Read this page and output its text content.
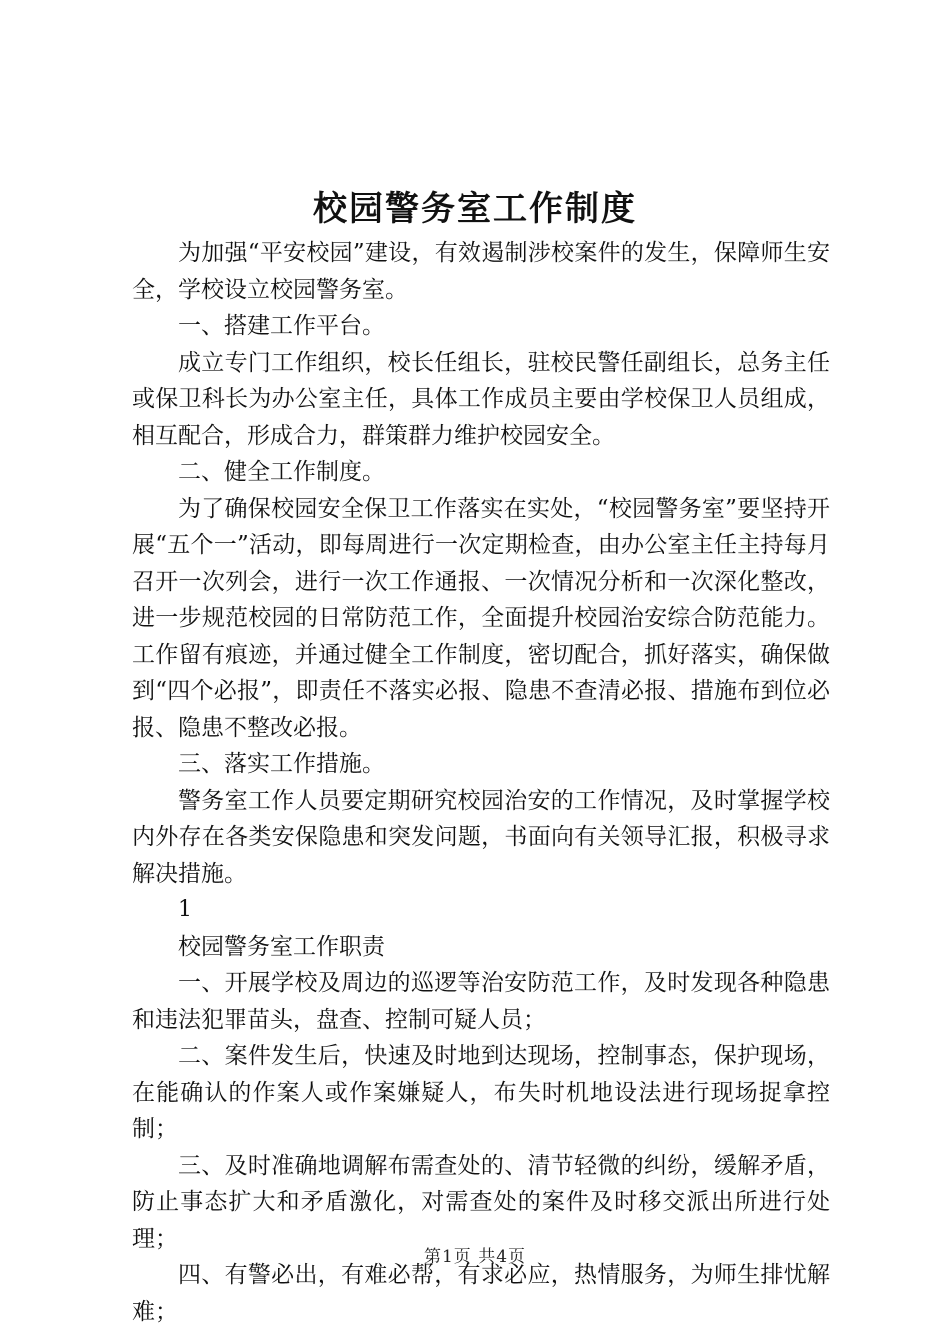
校园警务室工作制度

为加强“平安校园”建设，有效遏制涉校案件的发生，保障师生安全，学校设立校园警务室。

一、搭建工作平台。

成立专门工作组织，校长任组长，驻校民警任副组长，总务主任或保卫科长为办公室主任，具体工作成员主要由学校保卫人员组成，相互配合，形成合力，群策群力维护校园安全。

二、健全工作制度。

为了确保校园安全保卫工作落实在实处，“校园警务室”要坚持开展“五个一”活动，即每周进行一次定期检查，由办公室主任主持每月召开一次列会，进行一次工作通报、一次情况分析和一次深化整改，进一步规范校园的日常防范工作，全面提升校园治安综合防范能力。工作留有痕迹，并通过健全工作制度，密切配合，抓好落实，确保做到“四个必报”，即责任不落实必报、隐患不查清必报、措施布到位必报、隐患不整改必报。

三、落实工作措施。

警务室工作人员要定期研究校园治安的工作情况，及时掌握学校内外存在各类安保隐患和突发问题，书面向有关领导汇报，积极寻求解决措施。

1

校园警务室工作职责

一、开展学校及周边的巡逻等治安防范工作，及时发现各种隐患和违法犯罪苗头，盘查、控制可疑人员；

二、案件发生后，快速及时地到达现场，控制事态，保护现场，在能确认的作案人或作案嫌疑人，布失时机地设法进行现场捉拿控制；

三、及时准确地调解布需查处的、清节轻微的纠纷，缓解矛盾，防止事态扩大和矛盾激化，对需查处的案件及时移交派出所进行处理；

四、有警必出，有难必帮，有求必应，热情服务，为师生排忧解难；

第1页 共4页
